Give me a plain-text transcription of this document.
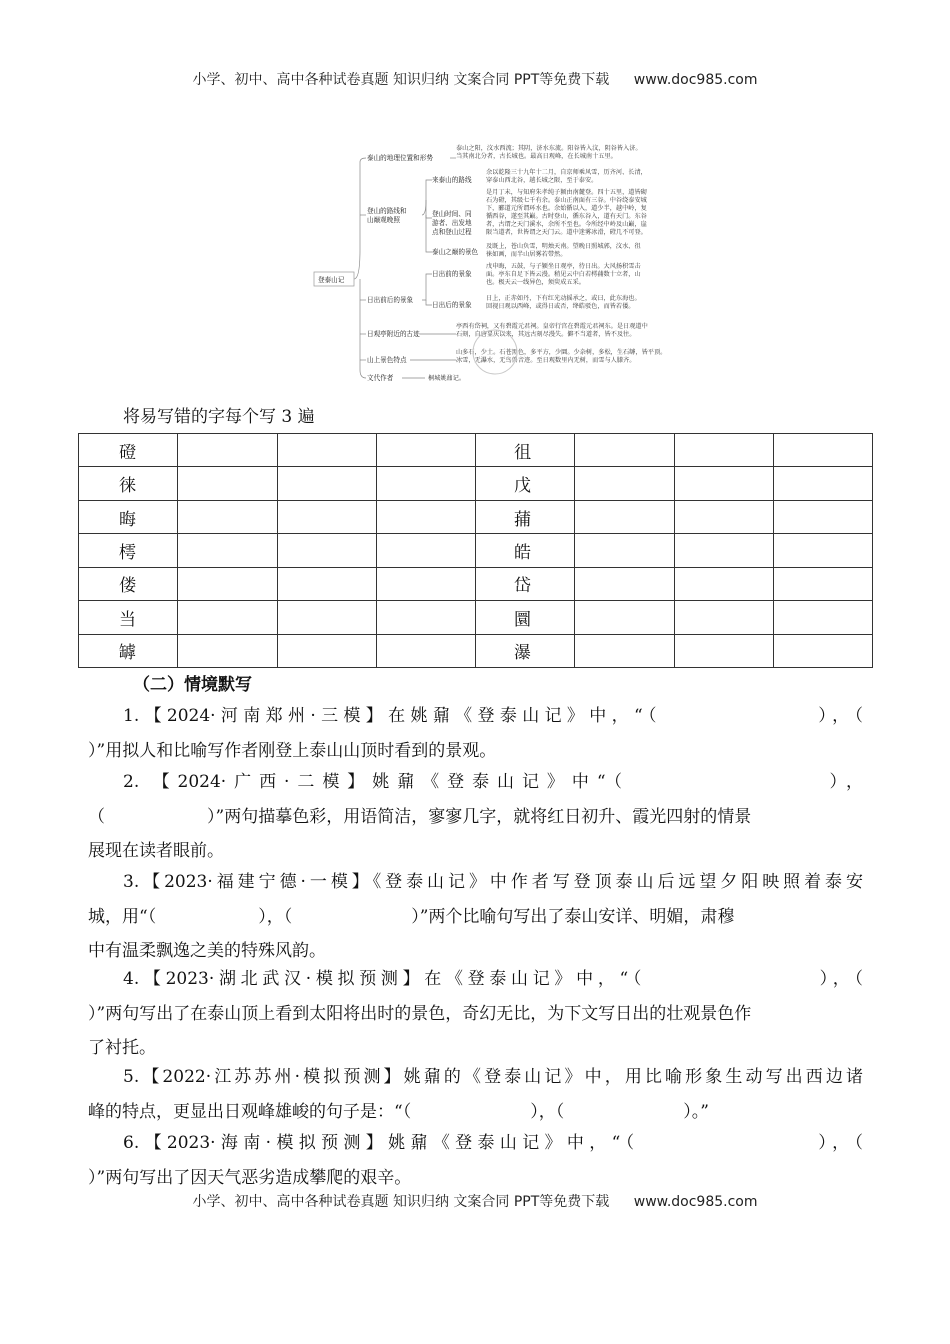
小学、初中、高中各种试卷真题 知识归纳 文案合同 PPT等免费下载 www.doc985.com
登泰山记
泰山的地理位置和形势
泰山之阳，汶水西流；其阴，济水东流。阳谷皆入汶，阴谷皆入济。
当其南北分者，古长城也。最高日观峰，在长城南十五里。
登山的路线和
山巅观晚照
来泰山的路线
余以乾隆三十九年十二月，自京师乘风雪，历齐河、长清，
穿泰山西北谷，越长城之限，至于泰安。
登山时间、同
游者、出发地
点和登山过程
是月丁未，与知府朱孝纯子颍由南麓登。四十五里，道皆砌
石为磴，其级七千有余。泰山正南面有三谷。中谷绕泰安城
下，郦道元所谓环水也。余始循以入，道少半，越中岭，复
循西谷，遂至其巅。古时登山，循东谷入，道有天门。东谷
者，古谓之天门溪水，余所不至也。今所经中岭及山巅，崖
限当道者，世皆谓之天门云。道中迷雾冰滑，磴几不可登。
泰山之巅的景色
及既上，苍山负雪，明烛天南。望晚日照城郭，汶水、徂
徕如画，而半山居雾若带然。
日出前后的景象
日出前的景象
戊申晦，五鼓，与子颍坐日观亭，待日出。大风扬积雪击
面。亭东自足下皆云漫。稍见云中白若樗蒱数十立者，山
也。极天云一线异色，须臾成五采。
日出后的景象
日上，正赤如丹，下有红光动摇承之，或曰，此东海也。
回视日观以西峰，或得日或否，绛皓驳色，而皆若偻。
日观亭附近的古迹
亭西有岱祠，又有碧霞元君祠。皇帝行宫在碧霞元君祠东。是日观道中
石刻，自唐显庆以来，其远古刻尽漫失。僻不当道者，皆不及往。
山上景色特点
山多石，少土。石苍黑色，多平方，少圜。少杂树，多松，生石罅，皆平顶。
冰雪，无瀑水，无鸟兽音迹。至日观数里内无树，而雪与人膝齐。
文代作者	桐城姚鼐记。
将易写错的字每个写 3 遍
磴				徂			
徕				戊			
晦				蒱			
樗				皓			
偻				岱			
当				圜			
罅				瀑			
（二）情境默写

1.【2024·河南郑州·三模】在姚鼐《登泰山记》中，“（　　　　　　　），（
）”用拟人和比喻写作者刚登上泰山山顶时看到的景观。

2. 【2024·广西·二模】姚鼐《登泰山记》中“（　　　　　　　　），
（　　　　　　）”两句描摹色彩，用语简洁，寥寥几字，就将红日初升、霞光四射的情景
展现在读者眼前。

3.【2023·福建宁德·一模】《登泰山记》中作者写登顶泰山后远望夕阳映照着泰安
城，用“（　　　　　　），（　　　　　　　）”两个比喻句写出了泰山安详、明媚，肃穆
中有温柔飘逸之美的特殊风韵。

4.【2023·湖北武汉·模拟预测】在《登泰山记》中，“（　　　　　　　　），（
）”两句写出了在泰山顶上看到太阳将出时的景色，奇幻无比，为下文写日出的壮观景色作
了衬托。

5.【2022·江苏苏州·模拟预测】姚鼐的《登泰山记》中，用比喻形象生动写出西边诸
峰的特点，更显出日观峰雄峻的句子是：“（　　　　　　　），（　　　　　　　）。”

6.【2023·海南·模拟预测】姚鼐《登泰山记》中，“（　　　　　　　　），（
）”两句写出了因天气恶劣造成攀爬的艰辛。

小学、初中、高中各种试卷真题 知识归纳 文案合同 PPT等免费下载 www.doc985.com
